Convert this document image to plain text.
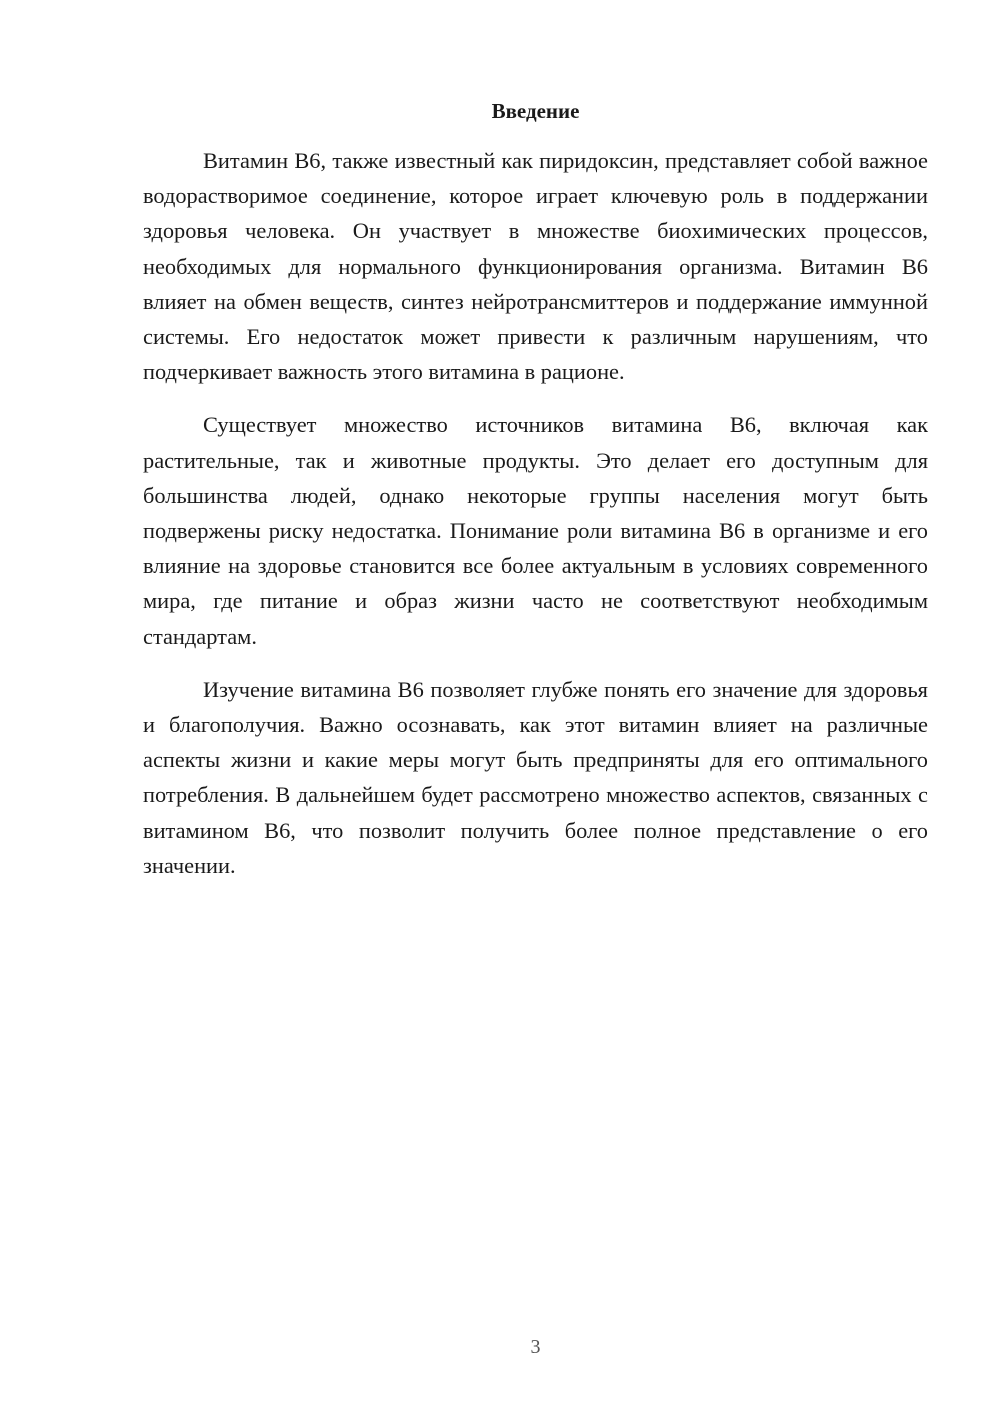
Введение

Витамин В6, также известный как пиридоксин, представляет собой важное водорастворимое соединение, которое играет ключевую роль в поддержании здоровья человека. Он участвует в множестве биохимических процессов, необходимых для нормального функционирования организма. Витамин В6 влияет на обмен веществ, синтез нейротрансмиттеров и поддержание иммунной системы. Его недостаток может привести к различным нарушениям, что подчеркивает важность этого витамина в рационе.

Существует множество источников витамина В6, включая как растительные, так и животные продукты. Это делает его доступным для большинства людей, однако некоторые группы населения могут быть подвержены риску недостатка. Понимание роли витамина В6 в организме и его влияние на здоровье становится все более актуальным в условиях современного мира, где питание и образ жизни часто не соответствуют необходимым стандартам.

Изучение витамина В6 позволяет глубже понять его значение для здоровья и благополучия. Важно осознавать, как этот витамин влияет на различные аспекты жизни и какие меры могут быть предприняты для его оптимального потребления. В дальнейшем будет рассмотрено множество аспектов, связанных с витамином В6, что позволит получить более полное представление о его значении.

3
